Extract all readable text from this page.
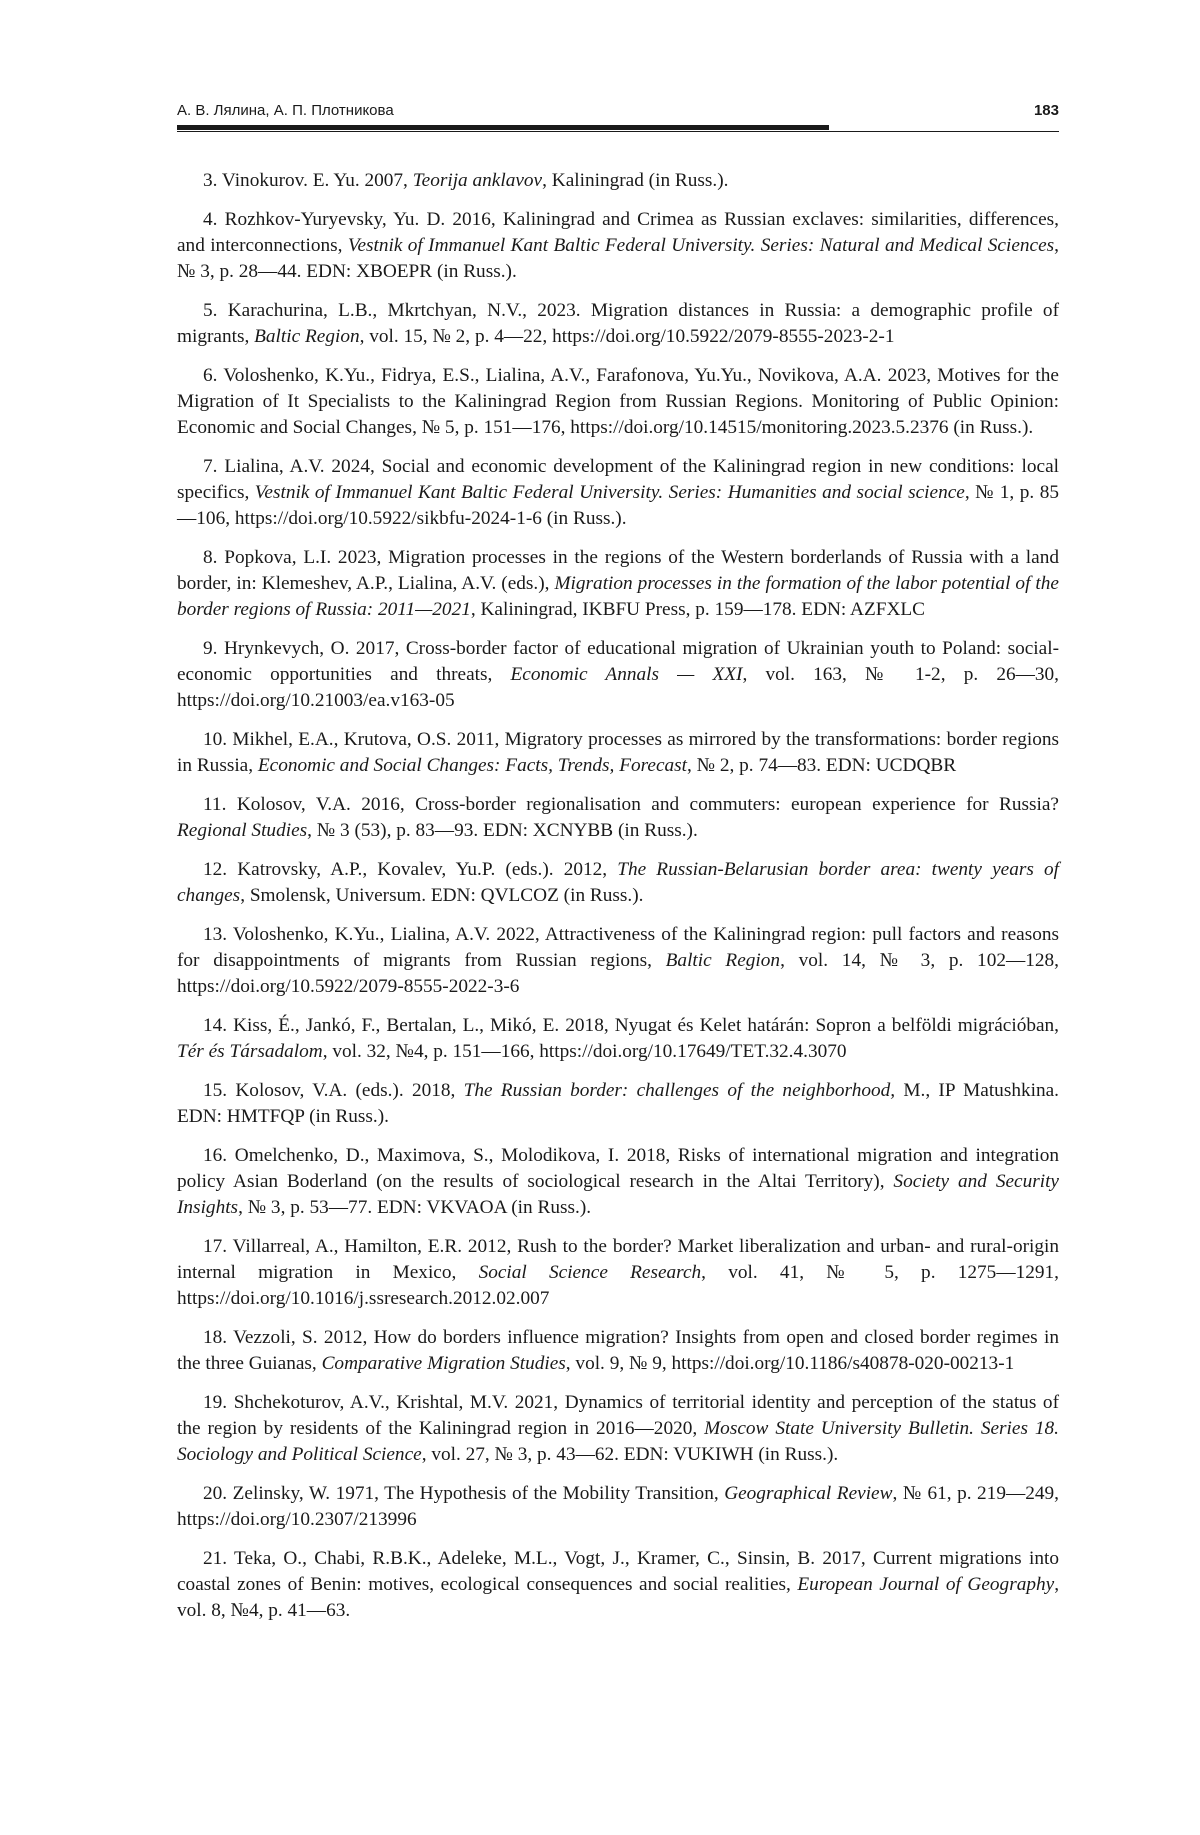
А. В. Лялина, А. П. Плотникова	183

3. Vinokurov. E. Yu. 2007, Teorija anklavov, Kaliningrad (in Russ.).

4. Rozhkov-Yuryevsky, Yu. D. 2016, Kaliningrad and Crimea as Russian exclaves: similarities, differences, and interconnections, Vestnik of Immanuel Kant Baltic Federal University. Series: Natural and Medical Sciences, № 3, p. 28—44. EDN: XBOEPR (in Russ.).

5. Karachurina, L.B., Mkrtchyan, N.V., 2023. Migration distances in Russia: a demographic profile of migrants, Baltic Region, vol. 15, № 2, p. 4—22, https://doi.org/10.5922/2079-8555-2023-2-1

6. Voloshenko, K.Yu., Fidrya, E.S., Lialina, A.V., Farafonova, Yu.Yu., Novikova, A.A. 2023, Motives for the Migration of It Specialists to the Kaliningrad Region from Russian Regions. Monitoring of Public Opinion: Economic and Social Changes, № 5, p. 151—176, https://doi.org/10.14515/monitoring.2023.5.2376 (in Russ.).

7. Lialina, A.V. 2024, Social and economic development of the Kaliningrad region in new conditions: local specifics, Vestnik of Immanuel Kant Baltic Federal University. Series: Humanities and social science, № 1, p. 85—106, https://doi.org/10.5922/sikbfu-2024-1-6 (in Russ.).

8. Popkova, L.I. 2023, Migration processes in the regions of the Western borderlands of Russia with a land border, in: Klemeshev, A.P., Lialina, A.V. (eds.), Migration processes in the formation of the labor potential of the border regions of Russia: 2011—2021, Kaliningrad, IKBFU Press, p. 159—178. EDN: AZFXLC

9. Hrynkevych, O. 2017, Cross-border factor of educational migration of Ukrainian youth to Poland: social-economic opportunities and threats, Economic Annals — XXI, vol. 163, № 1-2, p. 26—30, https://doi.org/10.21003/ea.v163-05

10. Mikhel, E.A., Krutova, O.S. 2011, Migratory processes as mirrored by the transformations: border regions in Russia, Economic and Social Changes: Facts, Trends, Forecast, № 2, p. 74—83. EDN: UCDQBR

11. Kolosov, V.A. 2016, Cross-border regionalisation and commuters: european experience for Russia? Regional Studies, № 3 (53), p. 83—93. EDN: XCNYBB (in Russ.).

12. Katrovsky, A.P., Kovalev, Yu.P. (eds.). 2012, The Russian-Belarusian border area: twenty years of changes, Smolensk, Universum. EDN: QVLCOZ (in Russ.).

13. Voloshenko, K.Yu., Lialina, A.V. 2022, Attractiveness of the Kaliningrad region: pull factors and reasons for disappointments of migrants from Russian regions, Baltic Region, vol. 14, № 3, p. 102—128, https://doi.org/10.5922/2079-8555-2022-3-6

14. Kiss, É., Jankó, F., Bertalan, L., Mikó, E. 2018, Nyugat és Kelet határán: Sopron a belföldi migrációban, Tér és Társadalom, vol. 32, №4, p. 151—166, https://doi.org/10.17649/TET.32.4.3070

15. Kolosov, V.A. (eds.). 2018, The Russian border: challenges of the neighborhood, M., IP Matushkina. EDN: HMTFQP (in Russ.).

16. Omelchenko, D., Maximova, S., Molodikova, I. 2018, Risks of international migration and integration policy Asian Boderland (on the results of sociological research in the Altai Territory), Society and Security Insights, № 3, p. 53—77. EDN: VKVAOA (in Russ.).

17. Villarreal, A., Hamilton, E.R. 2012, Rush to the border? Market liberalization and urban- and rural-origin internal migration in Mexico, Social Science Research, vol. 41, № 5, p. 1275—1291, https://doi.org/10.1016/j.ssresearch.2012.02.007

18. Vezzoli, S. 2012, How do borders influence migration? Insights from open and closed border regimes in the three Guianas, Comparative Migration Studies, vol. 9, № 9, https://doi.org/10.1186/s40878-020-00213-1

19. Shchekoturov, A.V., Krishtal, M.V. 2021, Dynamics of territorial identity and perception of the status of the region by residents of the Kaliningrad region in 2016—2020, Moscow State University Bulletin. Series 18. Sociology and Political Science, vol. 27, № 3, p. 43—62. EDN: VUKIWH (in Russ.).

20. Zelinsky, W. 1971, The Hypothesis of the Mobility Transition, Geographical Review, № 61, p. 219—249, https://doi.org/10.2307/213996

21. Teka, O., Chabi, R.B.K., Adeleke, M.L., Vogt, J., Kramer, C., Sinsin, B. 2017, Current migrations into coastal zones of Benin: motives, ecological consequences and social realities, European Journal of Geography, vol. 8, №4, p. 41—63.
